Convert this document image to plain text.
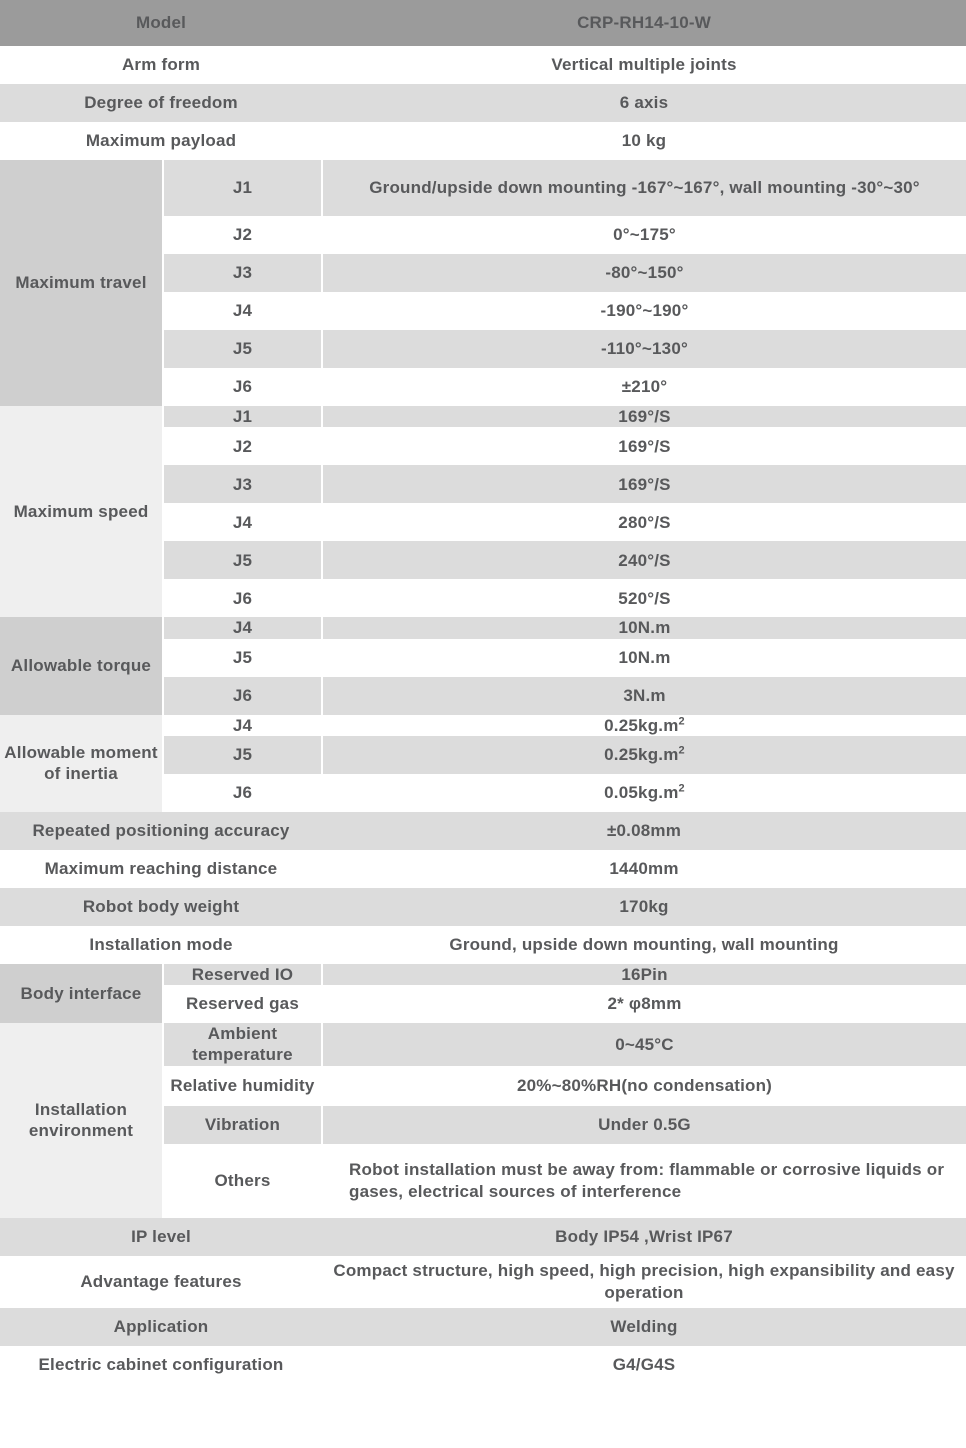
Model		CRP-RH14-10-W
Arm form		Vertical multiple joints
Degree of freedom		6 axis
Maximum payload		10 kg
Maximum travel	J1	Ground/upside down mounting -167°~167°, wall mounting -30°~30°
	J2	0°~175°
	J3	-80°~150°
	J4	-190°~190°
	J5	-110°~130°
	J6	±210°
Maximum speed	J1	169°/S
	J2	169°/S
	J3	169°/S
	J4	280°/S
	J5	240°/S
	J6	520°/S
Allowable torque	J4	10N.m
	J5	10N.m
	J6	3N.m
Allowable moment of inertia	J4	$0.25kg.m^2$
	J5	$0.25kg.m^2$
	J6	$0.05kg.m^2$
Repeated positioning accuracy		±0.08mm
Maximum reaching distance		1440mm
Robot body weight		170kg
Installation mode		Ground, upside down mounting, wall mounting
Body interface	Reserved IO	16Pin
	Reserved gas	2* φ8mm
Installation environment	Ambient temperature	0~45°C
	Relative humidity	20%~80%RH(no condensation)
	Vibration	Under 0.5G
	Others	Robot installation must be away from: flammable or corrosive liquids or gases, electrical sources of interference
IP level		Body IP54 ,Wrist IP67
Advantage features		Compact structure, high speed, high precision, high expansibility and easy operation
Application		Welding
Electric cabinet configuration		G4/G4S
